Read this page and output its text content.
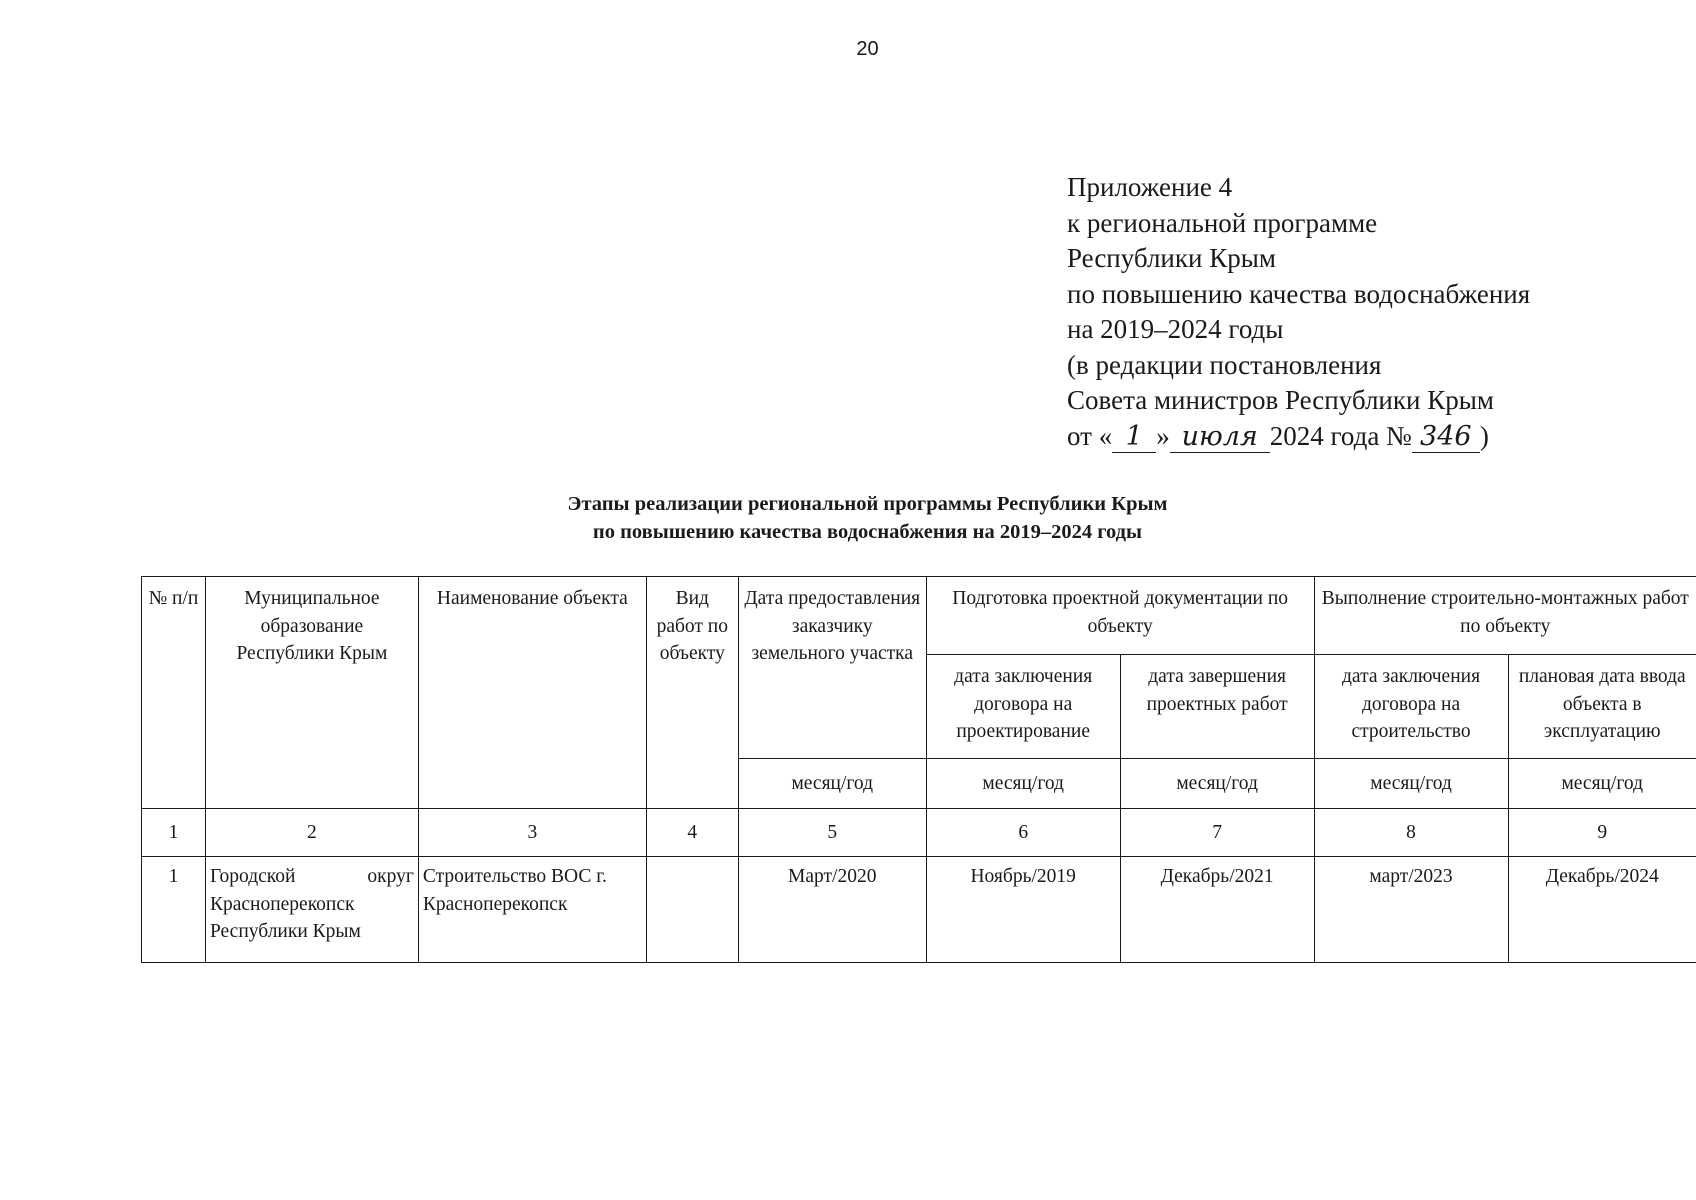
20
Приложение 4
к региональной программе
Республики Крым
по повышению качества водоснабжения
на 2019–2024 годы
(в редакции постановления
Совета министров Республики Крым
от « 1 » июля 2024 года № 346 )
Этапы реализации региональной программы Республики Крым
по повышению качества водоснабжения на 2019–2024 годы
№ п/п	Муниципальное образование Республики Крым	Наименование объекта	Вид работ по объекту	Дата предоставления заказчику земельного участка	Подготовка проектной документации по объекту		Выполнение строительно-монтажных работ по объекту	
					дата заключения договора на проектирование	дата завершения проектных работ	дата заключения договора на строительство	плановая дата ввода объекта в эксплуатацию
				месяц/год	месяц/год	месяц/год	месяц/год	месяц/год
1	2	3	4	5	6	7	8	9
1	Городской округ Красноперекопск Республики Крым	Строительство ВОС г. Красноперекопск		Март/2020	Ноябрь/2019	Декабрь/2021	март/2023	Декабрь/2024
